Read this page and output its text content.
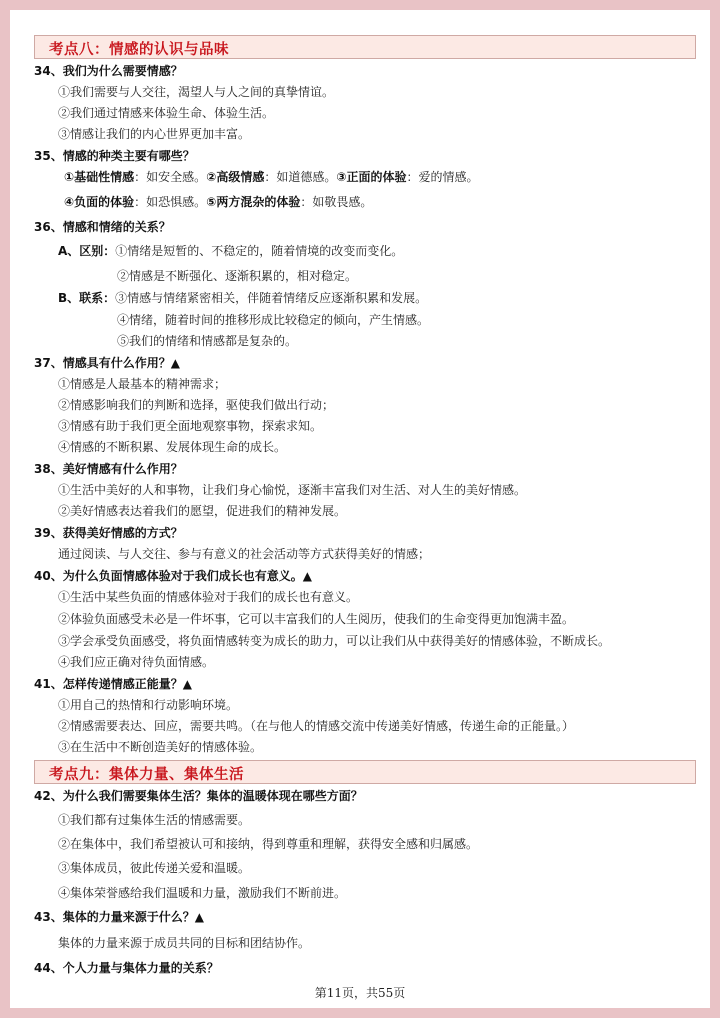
考点八：情感的认识与品味
34、我们为什么需要情感？
①我们需要与人交往，渴望人与人之间的真挚情谊。
②我们通过情感来体验生命、体验生活。
③情感让我们的内心世界更加丰富。
35、情感的种类主要有哪些？
①基础性情感：如安全感。②高级情感：如道德感。③正面的体验：爱的情感。
④负面的体验：如恐惧感。⑤两方混杂的体验：如敬畏感。
36、情感和情绪的关系？
A、区别：①情绪是短暂的、不稳定的，随着情境的改变而变化。
②情感是不断强化、逐渐积累的，相对稳定。
B、联系：③情感与情绪紧密相关，伴随着情绪反应逐渐积累和发展。
④情绪，随着时间的推移形成比较稳定的倾向，产生情感。
⑤我们的情绪和情感都是复杂的。
37、情感具有什么作用？▲
①情感是人最基本的精神需求；
②情感影响我们的判断和选择，驱使我们做出行动；
③情感有助于我们更全面地观察事物，探索求知。
④情感的不断积累、发展体现生命的成长。
38、美好情感有什么作用？
①生活中美好的人和事物，让我们身心愉悦，逐渐丰富我们对生活、对人生的美好情感。
②美好情感表达着我们的愿望，促进我们的精神发展。
39、获得美好情感的方式？
通过阅读、与人交往、参与有意义的社会活动等方式获得美好的情感；
40、为什么负面情感体验对于我们成长也有意义。▲
①生活中某些负面的情感体验对于我们的成长也有意义。
②体验负面感受未必是一件坏事，它可以丰富我们的人生阅历，使我们的生命变得更加饱满丰盈。
③学会承受负面感受，将负面情感转变为成长的助力，可以让我们从中获得美好的情感体验，不断成长。
④我们应正确对待负面情感。
41、怎样传递情感正能量？▲
①用自己的热情和行动影响环境。
②情感需要表达、回应，需要共鸣。（在与他人的情感交流中传递美好情感，传递生命的正能量。）
③在生活中不断创造美好的情感体验。
考点九：集体力量、集体生活
42、为什么我们需要集体生活？集体的温暖体现在哪些方面？
①我们都有过集体生活的情感需要。
②在集体中，我们希望被认可和接纳，得到尊重和理解，获得安全感和归属感。
③集体成员，彼此传递关爱和温暖。
④集体荣誉感给我们温暖和力量，激励我们不断前进。
43、集体的力量来源于什么？▲
集体的力量来源于成员共同的目标和团结协作。
44、个人力量与集体力量的关系？
第11页，共55页
